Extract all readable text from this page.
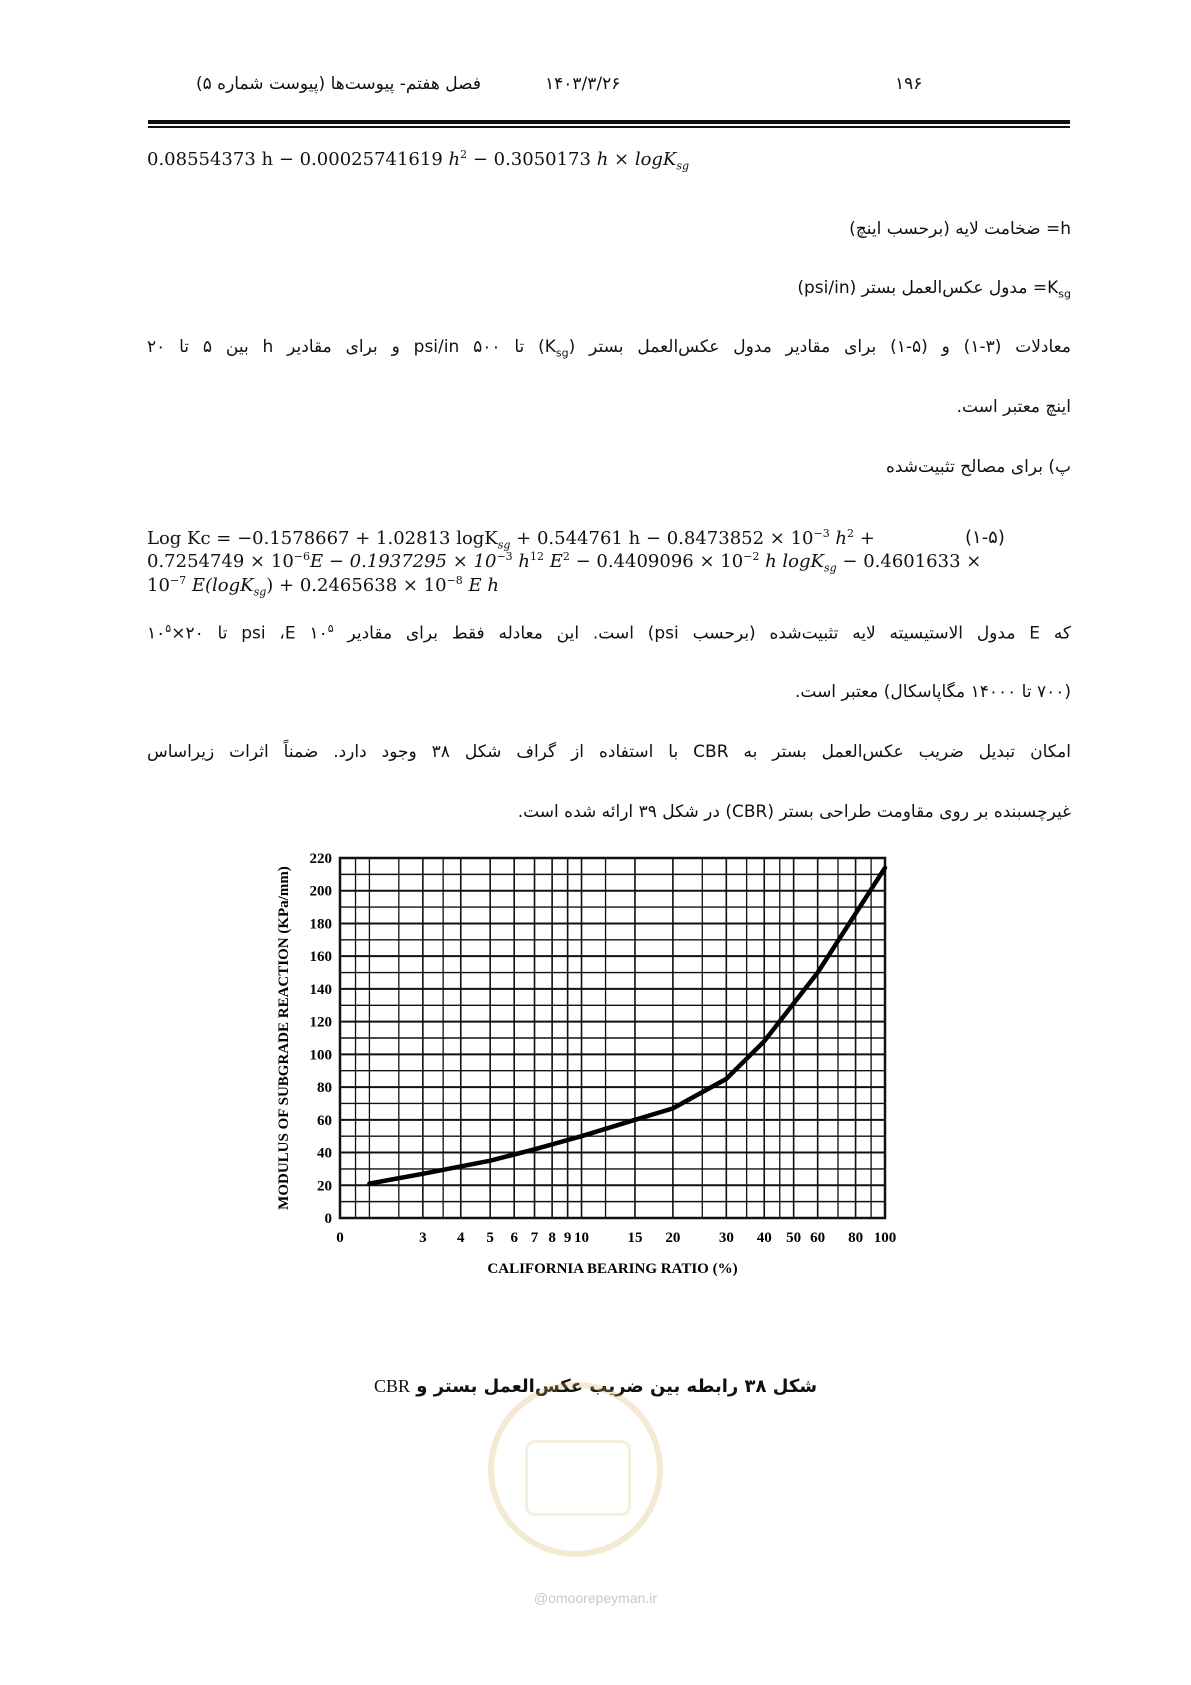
۱۹۶
۱۴۰۳/۳/۲۶
فصل هفتم- پیوست‌ها (پیوست شماره ۵)
0.08554373 h − 0.00025741619 $h^2 - 0.3050173$ h × logK$_{sg}$
h= ضخامت لایه (برحسب اینچ)
$K_{sg}=$ مدول عکس‌العمل بستر (psi/in)
معادلات (۳-۱) و (۵-۱) برای مقادیر مدول عکس‌العمل بستر $(K_{sg})$ تا psi/in ۵۰۰ و برای مقادیر h بین ۵ تا ۲۰
اینچ معتبر است.
پ) برای مصالح تثبیت‌شده
(۱-۵)
Log Kc = −0.1578667 + 1.02813 logK$_{sg}$ + 0.544761 $h - 0.8473852 \times 10^{-3}$ $h^2$ +
$0.7254749 \times 10^{-6}E - 0.1937295 \times 10^{-3}$ $h^{12}$ $E^2 - 0.4409096 \times 10^{-2}$ h logK$_{sg}$ − 0.4601633 ×
$10^{-7}$ $E(\log K_{sg}) + 0.2465638 \times 10^{-8}$ E h
که E مدول الاستیسیته لایه تثبیت‌شده (برحسب psi) است. این معادله فقط برای مقادیر psi ،E $۱۰^۵$ تا $۲۰\times ۱۰^۵$
(۷۰۰ تا ۱۴۰۰۰ مگاپاسکال) معتبر است.
امکان تبدیل ضریب عکس‌العمل بستر به CBR با استفاده از گراف شکل ۳۸ وجود دارد. ضمناً اثرات زیراساس
غیرچسبنده بر روی مقاومت طراحی بستر (CBR) در شکل ۳۹ ارائه شده است.
0
20
40
60
80
100
120
140
160
180
200
220
0	3 4 5 6 7 8 9 10	15 20	30 40 50 60 80 100
CALIFORNIA BEARING RATIO (%)
MODULUS OF SUBGRADE REACTION (KPa/mm)
شکل ۳۸ رابطه بین ضریب عکس‌العمل بستر و CBR
@omoorepeyman.ir
